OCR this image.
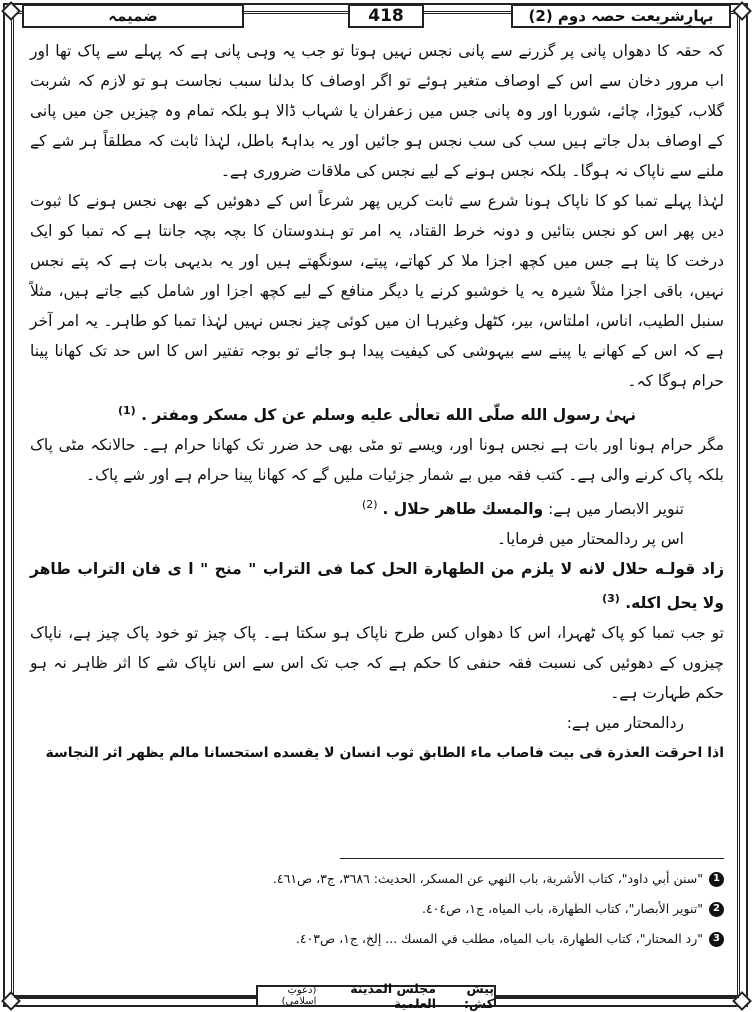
بہارِشریعت حصہ دوم (2)
418
ضمیمہ

کہ حقہ کا دھواں پانی پر گزرنے سے پانی نجس نہیں ہوتا تو جب یہ وہی پانی ہے کہ پہلے سے پاک تھا اور اب مرور دخان سے اس کے اوصاف متغیر ہوئے تو اگر اوصاف کا بدلنا سبب نجاست ہو تو لازم کہ شربت گلاب، کیوڑا، چائے، شوربا اور وہ پانی جس میں زعفران یا شہاب ڈالا ہو بلکہ تمام وہ چیزیں جن میں پانی کے اوصاف بدل جاتے ہیں سب کی سب نجس ہو جائیں اور یہ بداہۃً باطل، لہٰذا ثابت کہ مطلقاً ہر شے کے ملنے سے ناپاک نہ ہوگا۔ بلکہ نجس ہونے کے لیے نجس کی ملاقات ضروری ہے۔

لہٰذا پہلے تمبا کو کا ناپاک ہونا شرع سے ثابت کریں پھر شرعاً اس کے دھوئیں کے بھی نجس ہونے کا ثبوت دیں پھر اس کو نجس بتائیں و دونہ خرط القتاد، یہ امر تو ہندوستان کا بچہ بچہ جانتا ہے کہ تمبا کو ایک درخت کا پتا ہے جس میں کچھ اجزا ملا کر کھاتے، پیتے، سونگھتے ہیں اور یہ بدیہی بات ہے کہ پتے نجس نہیں، باقی اجزا مثلاً شیرہ یہ یا خوشبو کرنے یا دیگر منافع کے لیے کچھ اجزا اور شامل کیے جاتے ہیں، مثلاً سنبل الطیب، اناس، املتاس، بیر، کٹھل وغیرہا ان میں کوئی چیز نجس نہیں لہٰذا تمبا کو طاہر۔ یہ امر آخر ہے کہ اس کے کھانے یا پینے سے بیہوشی کی کیفیت پیدا ہو جائے تو بوجہ تفتیر اس کا اس حد تک کھانا پینا حرام ہوگا کہ۔

نہیٰ رسول الله صلّى الله تعالٰى عليه وسلم عن كل مسكر ومفتر . $^{(1)}$

مگر حرام ہونا اور بات ہے نجس ہونا اور، ویسے تو مٹی بھی حد ضرر تک کھانا حرام ہے۔ حالانکہ مٹی پاک بلکہ پاک کرنے والی ہے۔ کتب فقہ میں بے شمار جزئیات ملیں گے کہ کھانا پینا حرام ہے اور شے پاک۔

تنویر الابصار میں ہے: والمسك طاهر حلال . $^{(2)}$

اس پر ردالمحتار میں فرمایا۔

زاد قولـه حلال لانه لا يلزم من الطهارة الحل كما فى التراب " منح " ا ى فان التراب طاهر ولا يحل اكله. $^{(3)}$

تو جب تمبا کو پاک ٹھہرا، اس کا دھواں کس طرح ناپاک ہو سکتا ہے۔ پاک چیز تو خود پاک چیز ہے، ناپاک چیزوں کے دھوئیں کی نسبت فقہ حنفی کا حکم ہے کہ جب تک اس سے اس ناپاک شے کا اثر ظاہر نہ ہو حکم طہارت ہے۔

ردالمحتار میں ہے:

اذا احرقت العذرة فى بيت فاصاب ماء الطابق ثوب انسان لا يفسده استحسانا مالم يظهر اثر النجاسة

1
"سنن أبي داود"، كتاب الأشربة، باب النهي عن المسكر، الحديث: ٣٦٨٦، ج٣، ص٤٦١.
2
"تنوير الأبصار"، كتاب الطهارة، باب المياه، ج١، ص٤٠٤.
3
"رد المحتار"، كتاب الطهارة، باب المياه، مطلب في المسك ... إلخ، ج١، ص٤٠٣.
پیش کش:
مجلس المدینة العلمیة
(دعوتِ اسلامی)
